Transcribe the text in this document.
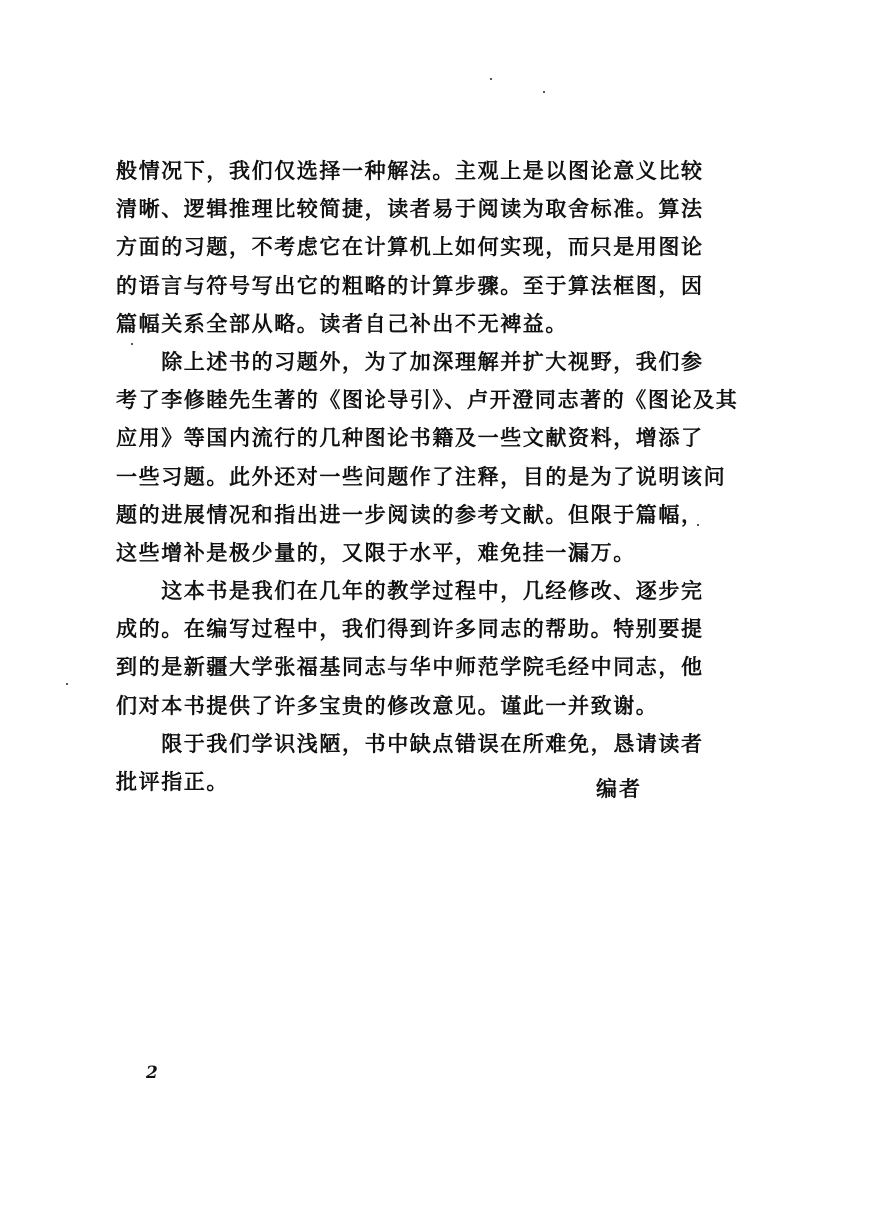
般情况下，我们仅选择一种解法。主观上是以图论意义比较
清晰、逻辑推理比较简捷，读者易于阅读为取舍标准。算法
方面的习题，不考虑它在计算机上如何实现，而只是用图论
的语言与符号写出它的粗略的计算步骤。至于算法框图，因
篇幅关系全部从略。读者自己补出不无裨益。
　　除上述书的习题外，为了加深理解并扩大视野，我们参
考了李修睦先生著的《图论导引》、卢开澄同志著的《图论及其
应用》等国内流行的几种图论书籍及一些文献资料，增添了
一些习题。此外还对一些问题作了注释，目的是为了说明该问
题的进展情况和指出进一步阅读的参考文献。但限于篇幅，
这些增补是极少量的，又限于水平，难免挂一漏万。
　　这本书是我们在几年的教学过程中，几经修改、逐步完
成的。在编写过程中，我们得到许多同志的帮助。特别要提
到的是新疆大学张福基同志与华中师范学院毛经中同志，他
们对本书提供了许多宝贵的修改意见。谨此一并致谢。
　　限于我们学识浅陋，书中缺点错误在所难免，恳请读者
批评指正。	编者
2
